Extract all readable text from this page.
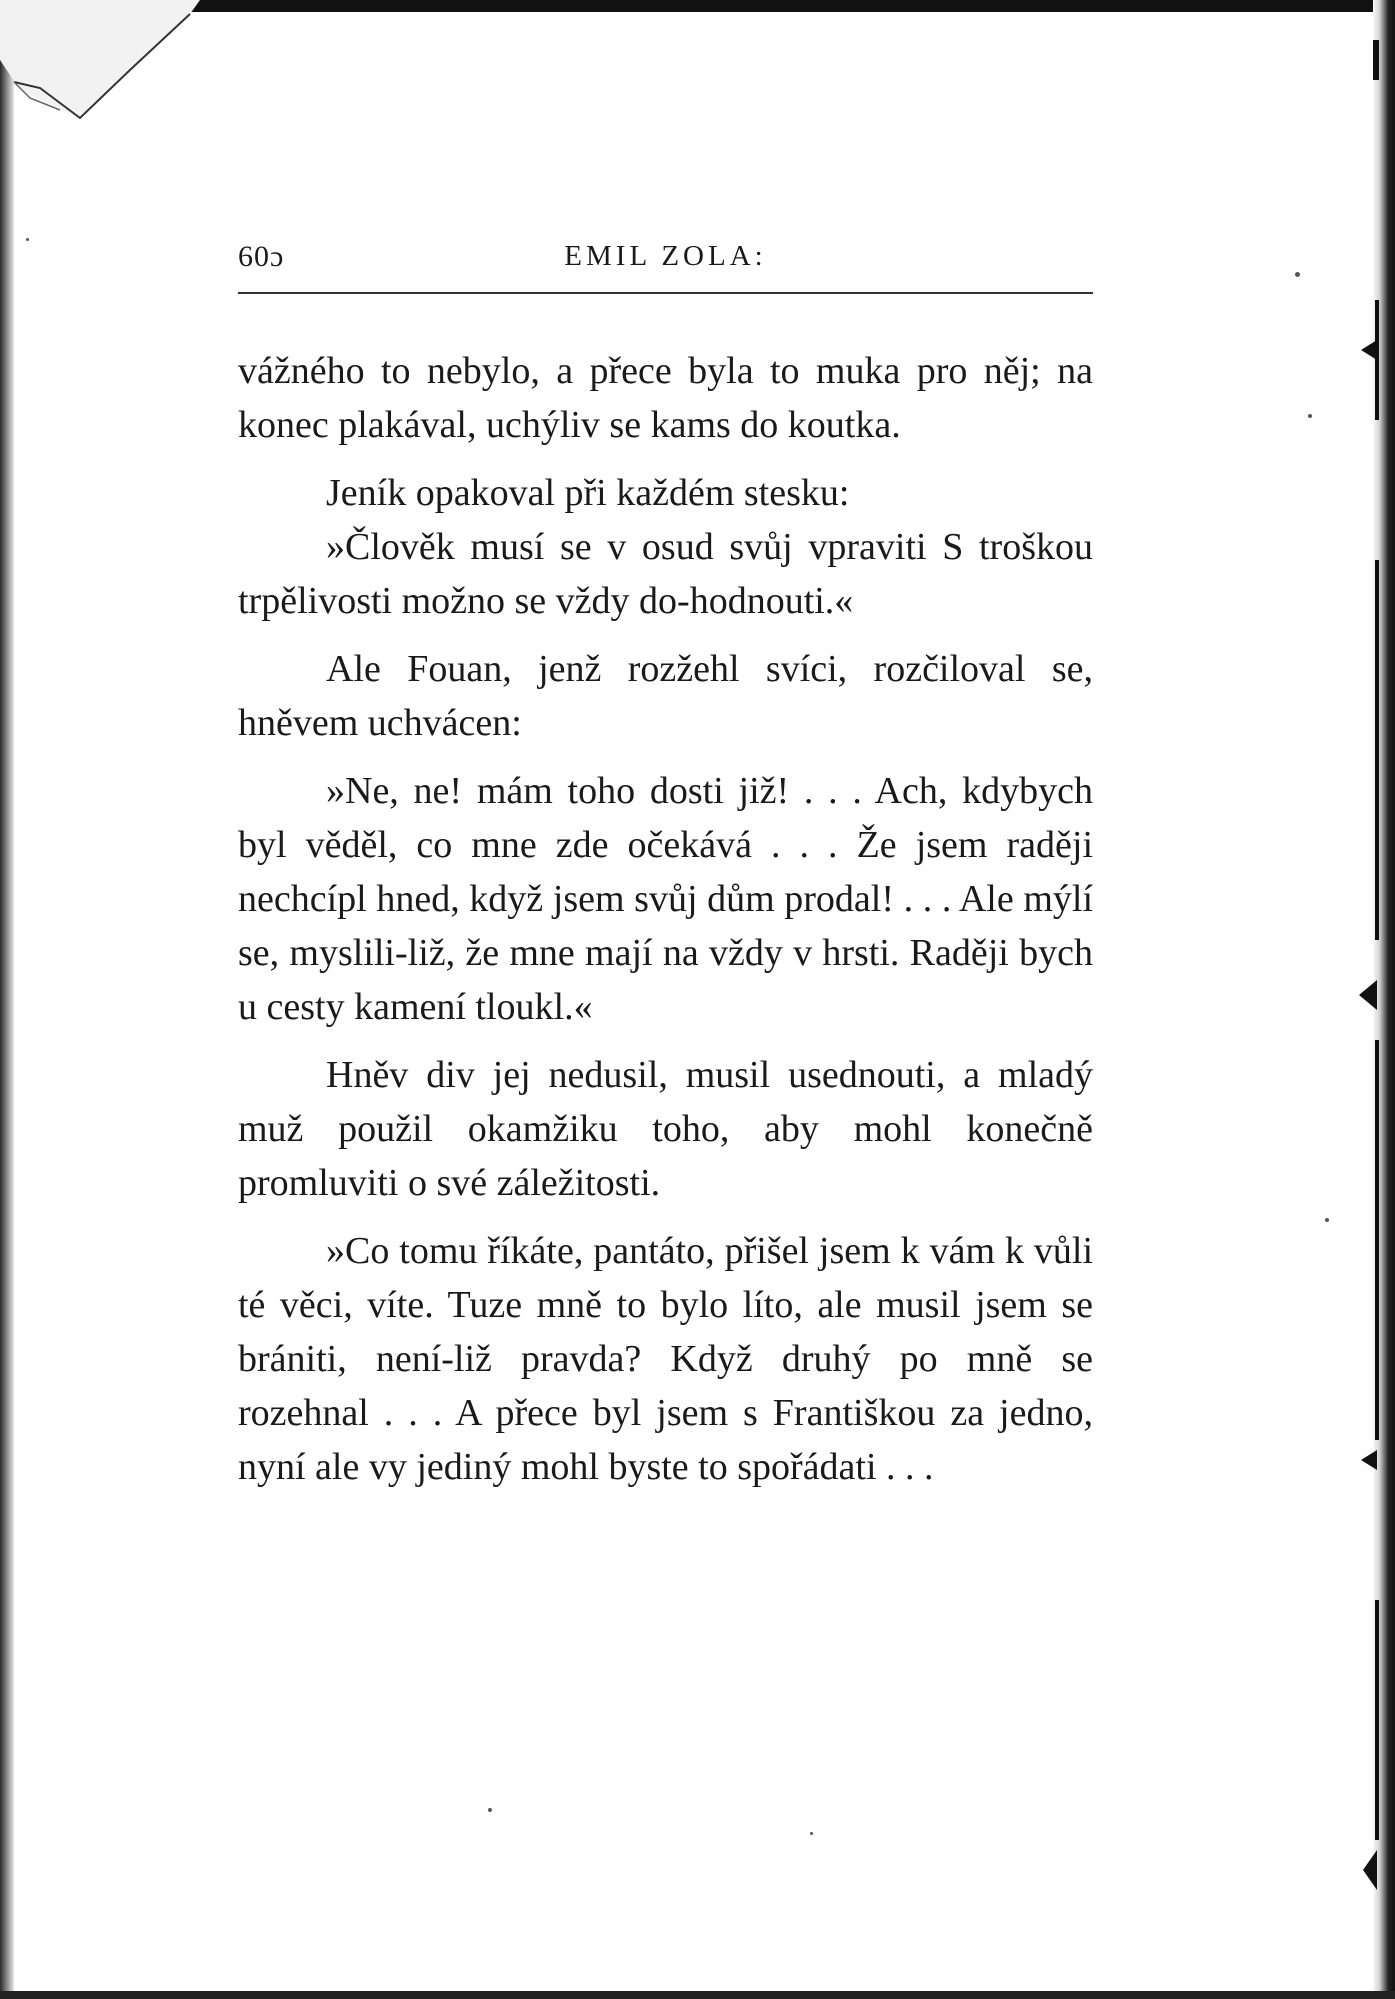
60ɔ	EMIL ZOLA:

vážného to nebylo, a přece byla to muka pro něj; na konec plakával, uchýliv se kams do koutka.

Jeník opakoval při každém stesku:

»Člověk musí se v osud svůj vpraviti S troškou trpělivosti možno se vždy do-hodnouti.«

Ale Fouan, jenž rozžehl svíci, rozčiloval se, hněvem uchvácen:

»Ne, ne! mám toho dosti již! . . . Ach, kdybych byl věděl, co mne zde očekává . . . Že jsem raději nechcípl hned, když jsem svůj dům prodal! . . . Ale mýlí se, myslili-liž, že mne mají na vždy v hrsti. Raději bych u cesty kamení tloukl.«

Hněv div jej nedusil, musil usednouti, a mladý muž použil okamžiku toho, aby mohl konečně promluviti o své záležitosti.

»Co tomu říkáte, pantáto, přišel jsem k vám k vůli té věci, víte. Tuze mně to bylo líto, ale musil jsem se brániti, není-liž pravda? Když druhý po mně se rozehnal . . . A přece byl jsem s Františkou za jedno, nyní ale vy jediný mohl byste to spořádati . . .
